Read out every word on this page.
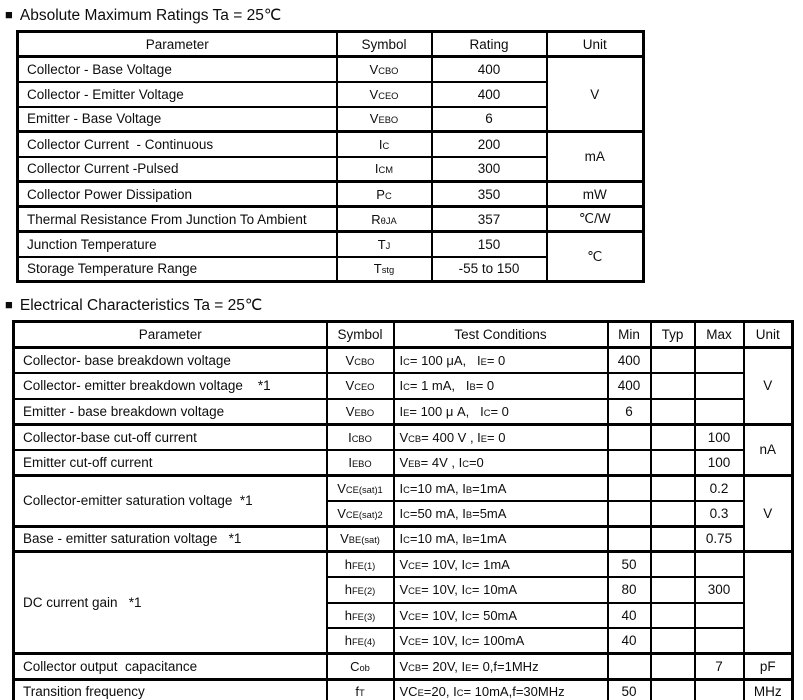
■ Absolute Maximum Ratings Ta = 25℃
Parameter	Symbol	Rating	Unit
Collector - Base Voltage	VCBO	400	V
Collector - Emitter Voltage	VCEO	400	
Emitter - Base Voltage	VEBO	6	
Collector Current  - Continuous	IC	200	mA
Collector Current -Pulsed	ICM	300	
Collector Power Dissipation	PC	350	mW
Thermal Resistance From Junction To Ambient	RθJA	357	℃/W
Junction Temperature	TJ	150	℃
Storage Temperature Range	Tstg	-55 to 150	
■ Electrical Characteristics Ta = 25℃
Parameter	Symbol	Test Conditions	Min	Typ	Max	Unit
Collector- base breakdown voltage	VCBO	IC= 100 μA,   IE= 0	400			V
Collector- emitter breakdown voltage    *1	VCEO	IC= 1 mA,   IB= 0	400			
Emitter - base breakdown voltage	VEBO	IE= 100 μ A,   IC= 0	6			
Collector-base cut-off current	ICBO	VCB= 400 V , IE= 0			100	nA
Emitter cut-off current	IEBO	VEB= 4V , IC=0			100	
Collector-emitter saturation voltage  *1	VCE(sat)1	IC=10 mA, IB=1mA			0.2	V
	VCE(sat)2	IC=50 mA, IB=5mA			0.3	
Base - emitter saturation voltage   *1	VBE(sat)	IC=10 mA, IB=1mA			0.75	
DC current gain   *1	hFE(1)	VCE= 10V, IC= 1mA	50			
	hFE(2)	VCE= 10V, IC= 10mA	80		300	
	hFE(3)	VCE= 10V, IC= 50mA	40			
	hFE(4)	VCE= 10V, IC= 100mA	40			
Collector output  capacitance	Cob	VCB= 20V, IE= 0,f=1MHz			7	pF
Transition frequency	fT	VCE=20, IC= 10mA,f=30MHz	50			MHz
